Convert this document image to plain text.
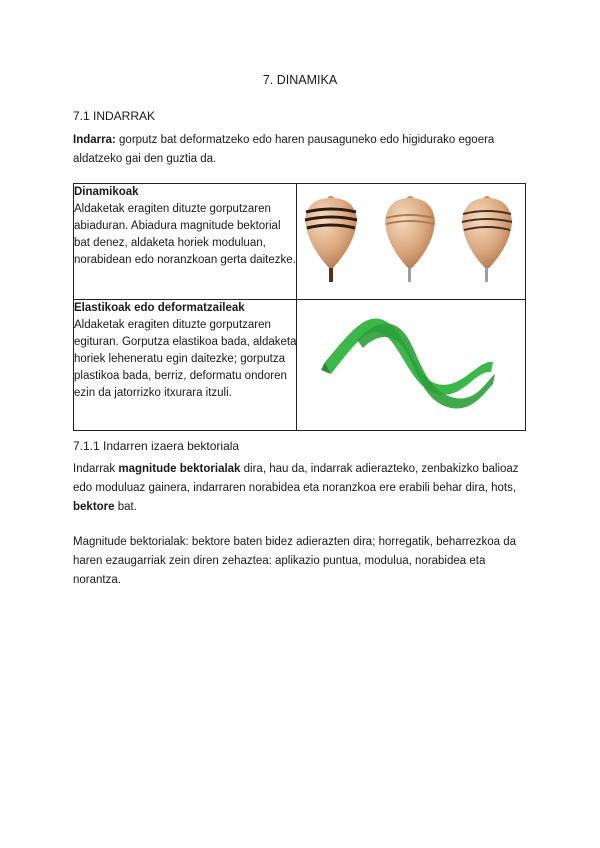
7. DINAMIKA
7.1 INDARRAK
Indarra: gorputz bat deformatzeko edo haren pausaguneko edo higidurako egoera aldatzeko gai den guztia da.
Dinamikoak
Aldaketak eragiten dituzte gorputzaren abiaduran. Abiadura magnitude bektorial bat denez, aldaketa horiek moduluan, norabidean edo noranzkoan gerta daitezke.

Elastikoak edo deformatzaileak
Aldaketak eragiten dituzte gorputzaren egituran. Gorputza elastikoa bada, aldaketa horiek leheneratu egin daitezke; gorputza plastikoa bada, berriz, deformatu ondoren ezin da jatorrizko itxurara itzuli.

7.1.1 Indarren izaera bektoriala
Indarrak magnitude bektorialak dira, hau da, indarrak adierazteko, zenbakizko balioaz edo moduluaz gainera, indarraren norabidea eta noranzkoa ere erabili behar dira, hots, bektore bat.
Magnitude bektorialak: bektore baten bidez adierazten dira; horregatik, beharrezkoa da haren ezaugarriak zein diren zehaztea: aplikazio puntua, modulua, norabidea eta norantza.
